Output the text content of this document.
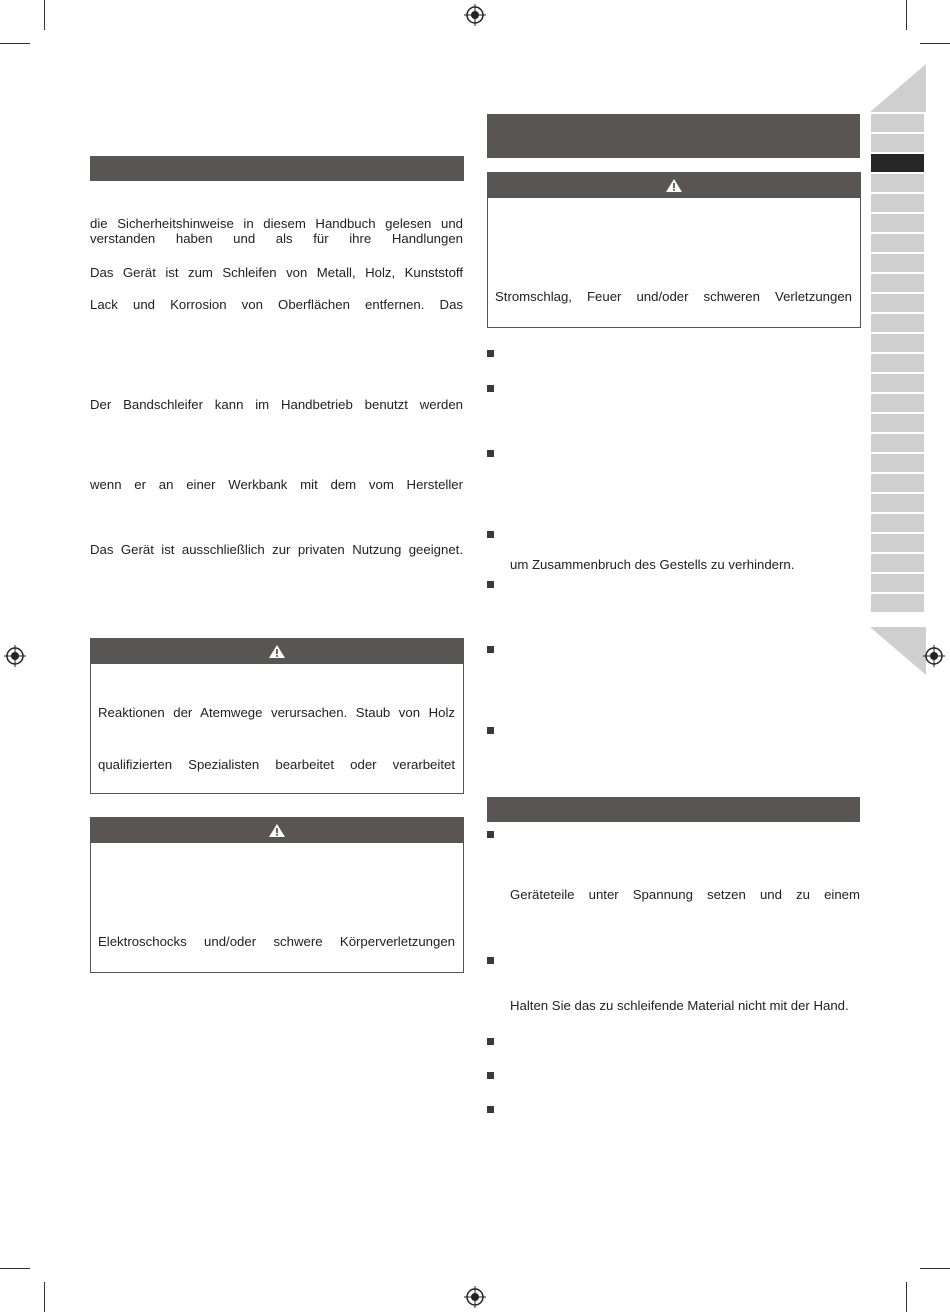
die Sicherheitshinweise in diesem Handbuch gelesen und verstanden haben und als für ihre Handlungen
Das Gerät ist zum Schleifen von Metall, Holz, Kunststoff
Lack und Korrosion von Oberflächen entfernen. Das
Der Bandschleifer kann im Handbetrieb benutzt werden
wenn er an einer Werkbank mit dem vom Hersteller
Das Gerät ist ausschließlich zur privaten Nutzung geeignet.
Reaktionen der Atemwege verursachen. Staub von Holz
qualifizierten Spezialisten bearbeitet oder verarbeitet
Elektroschocks und/oder schwere Körperverletzungen
Stromschlag, Feuer und/oder schweren Verletzungen
um Zusammenbruch des Gestells zu verhindern.
Geräteteile unter Spannung setzen und zu einem
Halten Sie das zu schleifende Material nicht mit der Hand.
